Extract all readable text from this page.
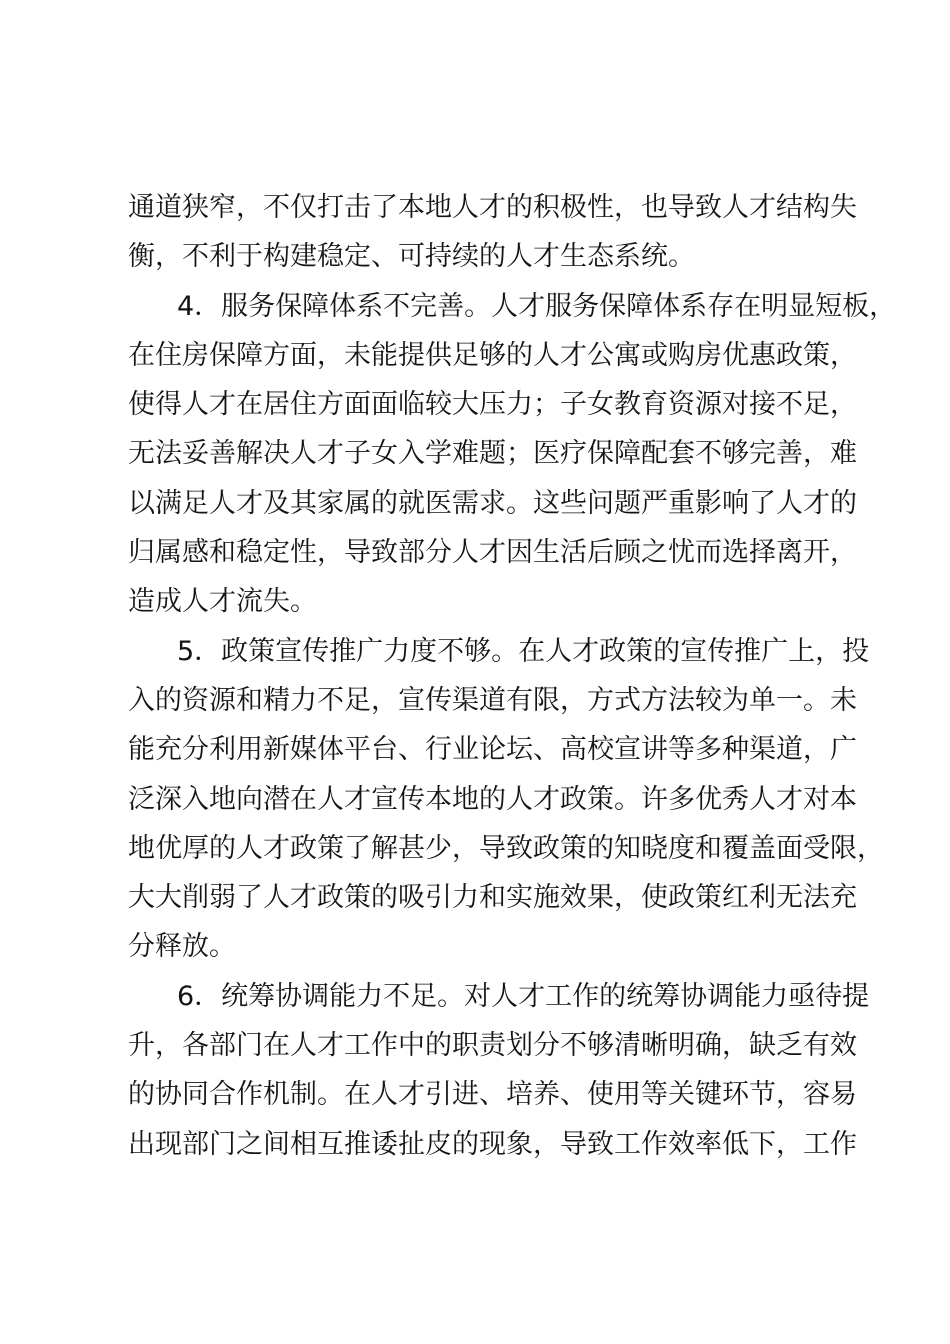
通道狭窄，不仅打击了本地人才的积极性，也导致人才结构失
衡，不利于构建稳定、可持续的人才生态系统。
4．服务保障体系不完善。人才服务保障体系存在明显短板，
在住房保障方面，未能提供足够的人才公寓或购房优惠政策，
使得人才在居住方面面临较大压力；子女教育资源对接不足，
无法妥善解决人才子女入学难题；医疗保障配套不够完善，难
以满足人才及其家属的就医需求。这些问题严重影响了人才的
归属感和稳定性，导致部分人才因生活后顾之忧而选择离开，
造成人才流失。
5．政策宣传推广力度不够。在人才政策的宣传推广上，投
入的资源和精力不足，宣传渠道有限，方式方法较为单一。未
能充分利用新媒体平台、行业论坛、高校宣讲等多种渠道，广
泛深入地向潜在人才宣传本地的人才政策。许多优秀人才对本
地优厚的人才政策了解甚少，导致政策的知晓度和覆盖面受限，
大大削弱了人才政策的吸引力和实施效果，使政策红利无法充
分释放。
6．统筹协调能力不足。对人才工作的统筹协调能力亟待提
升，各部门在人才工作中的职责划分不够清晰明确，缺乏有效
的协同合作机制。在人才引进、培养、使用等关键环节，容易
出现部门之间相互推诿扯皮的现象，导致工作效率低下，工作
